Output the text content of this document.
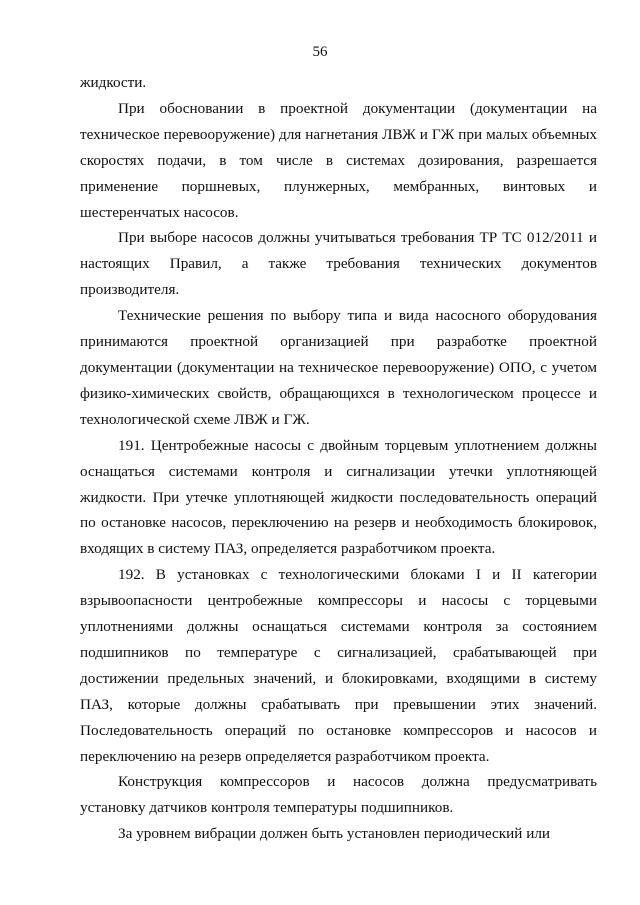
56

жидкости.

При обосновании в проектной документации (документации на техническое перевооружение) для нагнетания ЛВЖ и ГЖ при малых объемных скоростях подачи, в том числе в системах дозирования, разрешается применение поршневых, плунжерных, мембранных, винтовых и шестеренчатых насосов.

При выборе насосов должны учитываться требования ТР ТС 012/2011 и настоящих Правил, а также требования технических документов производителя.

Технические решения по выбору типа и вида насосного оборудования принимаются проектной организацией при разработке проектной документации (документации на техническое перевооружение) ОПО, с учетом физико-химических свойств, обращающихся в технологическом процессе и технологической схеме ЛВЖ и ГЖ.

191. Центробежные насосы с двойным торцевым уплотнением должны оснащаться системами контроля и сигнализации утечки уплотняющей жидкости. При утечке уплотняющей жидкости последовательность операций по остановке насосов, переключению на резерв и необходимость блокировок, входящих в систему ПАЗ, определяется разработчиком проекта.

192. В установках с технологическими блоками I и II категории взрывоопасности центробежные компрессоры и насосы с торцевыми уплотнениями должны оснащаться системами контроля за состоянием подшипников по температуре с сигнализацией, срабатывающей при достижении предельных значений, и блокировками, входящими в систему ПАЗ, которые должны срабатывать при превышении этих значений. Последовательность операций по остановке компрессоров и насосов и переключению на резерв определяется разработчиком проекта.

Конструкция компрессоров и насосов должна предусматривать установку датчиков контроля температуры подшипников.

За уровнем вибрации должен быть установлен периодический или
